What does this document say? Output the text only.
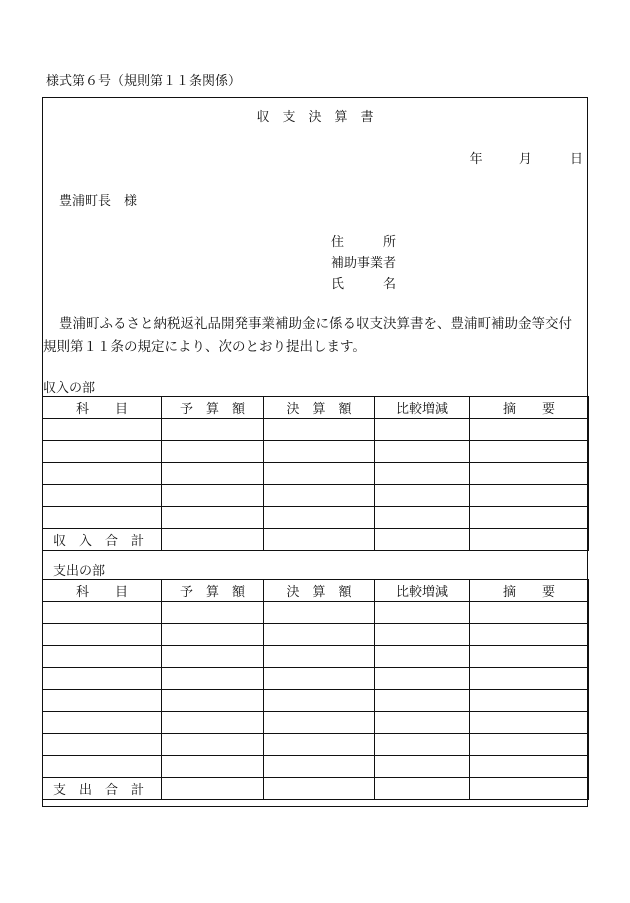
様式第６号（規則第１１条関係）
収　支　決　算　書
年	月	日
豊浦町長　様
住　　　所
補助事業者
氏　　　名
豊浦町ふるさと納税返礼品開発事業補助金に係る収支決算書を、豊浦町補助金等交付規則第１１条の規定により、次のとおり提出します。
収入の部
科　　目	予　算　額	決　算　額	比較増減	摘　　要

収　入　合　計				
支出の部
科　　目	予　算　額	決　算　額	比較増減	摘　　要

支　出　合　計				
